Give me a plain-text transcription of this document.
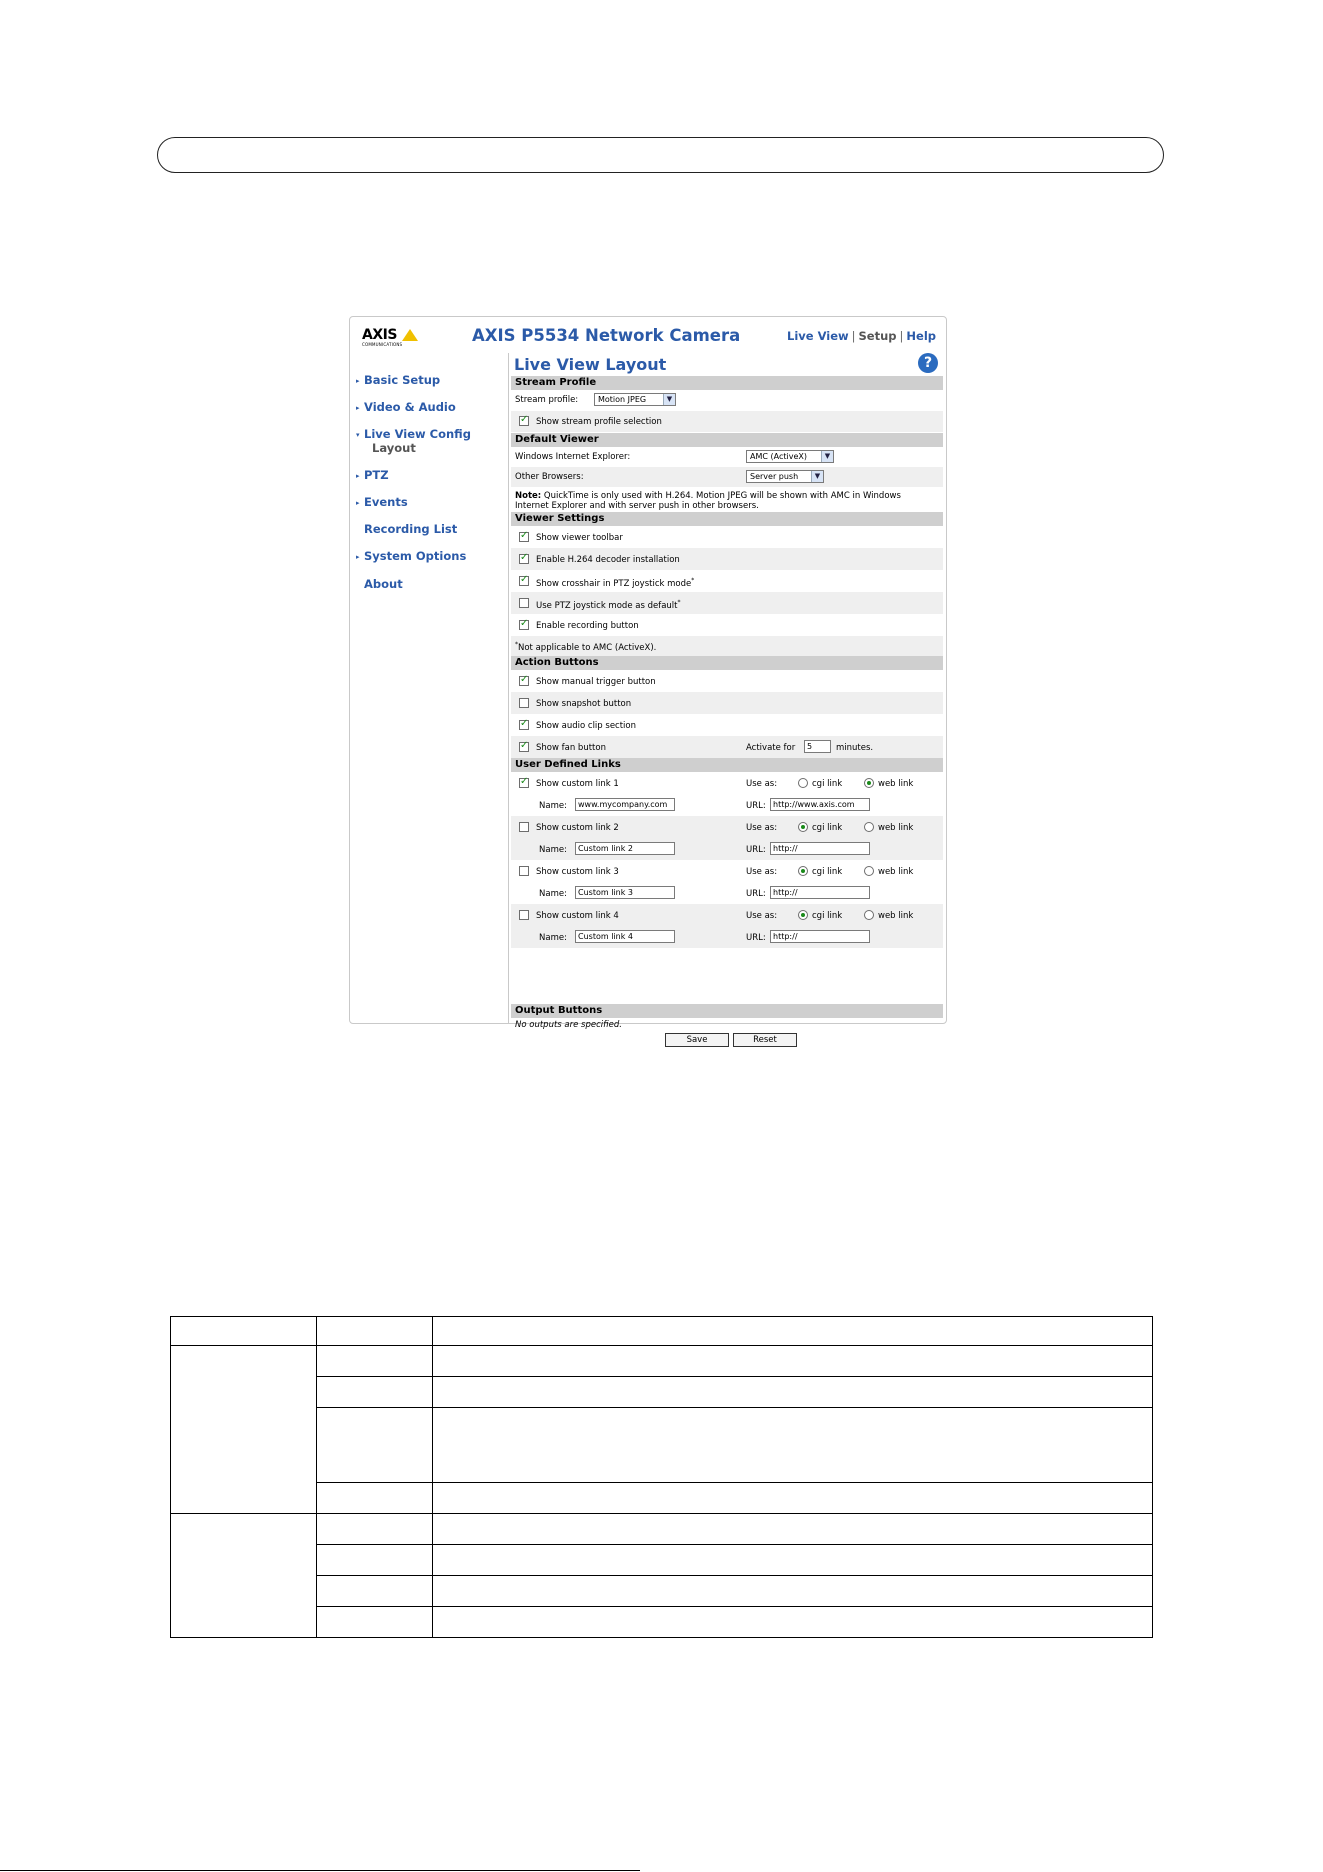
AXIS
COMMUNICATIONS	AXIS P5534 Network Camera	Live View | Setup | Help
▸ Basic Setup
▸ Video & Audio
▾ Live View Config
Layout
▸ PTZ
▸ Events
Recording List
▸ System Options
About
Live View Layout	?
Stream Profile
Stream profile:	Motion JPEG	▼
✓
Show stream profile selection
Default Viewer
Windows Internet Explorer:	AMC (ActiveX)	▼
Other Browsers:	Server push	▼
Note: QuickTime is only used with H.264. Motion JPEG will be shown with AMC in Windows
Internet Explorer and with server push in other browsers.
Viewer Settings
✓
Show viewer toolbar
✓
Enable H.264 decoder installation
✓
Show crosshair in PTZ joystick mode*
Use PTZ joystick mode as default*
✓
Enable recording button
*Not applicable to AMC (ActiveX).
Action Buttons
✓
Show manual trigger button
Show snapshot button
✓
Show audio clip section
✓
Show fan button	Activate for	5	minutes.
User Defined Links
✓
Show custom link 1	Use as:	cgi link	web link
Name:	www.mycompany.com	URL: http://www.axis.com
Show custom link 2	Use as:	cgi link	web link
Name:	Custom link 2	URL: http://
Show custom link 3	Use as:	cgi link	web link
Name:	Custom link 3	URL: http://
Show custom link 4	Use as:	cgi link	web link
Name:	Custom link 4	URL: http://
Output Buttons
No outputs are specified.
Save	Reset
